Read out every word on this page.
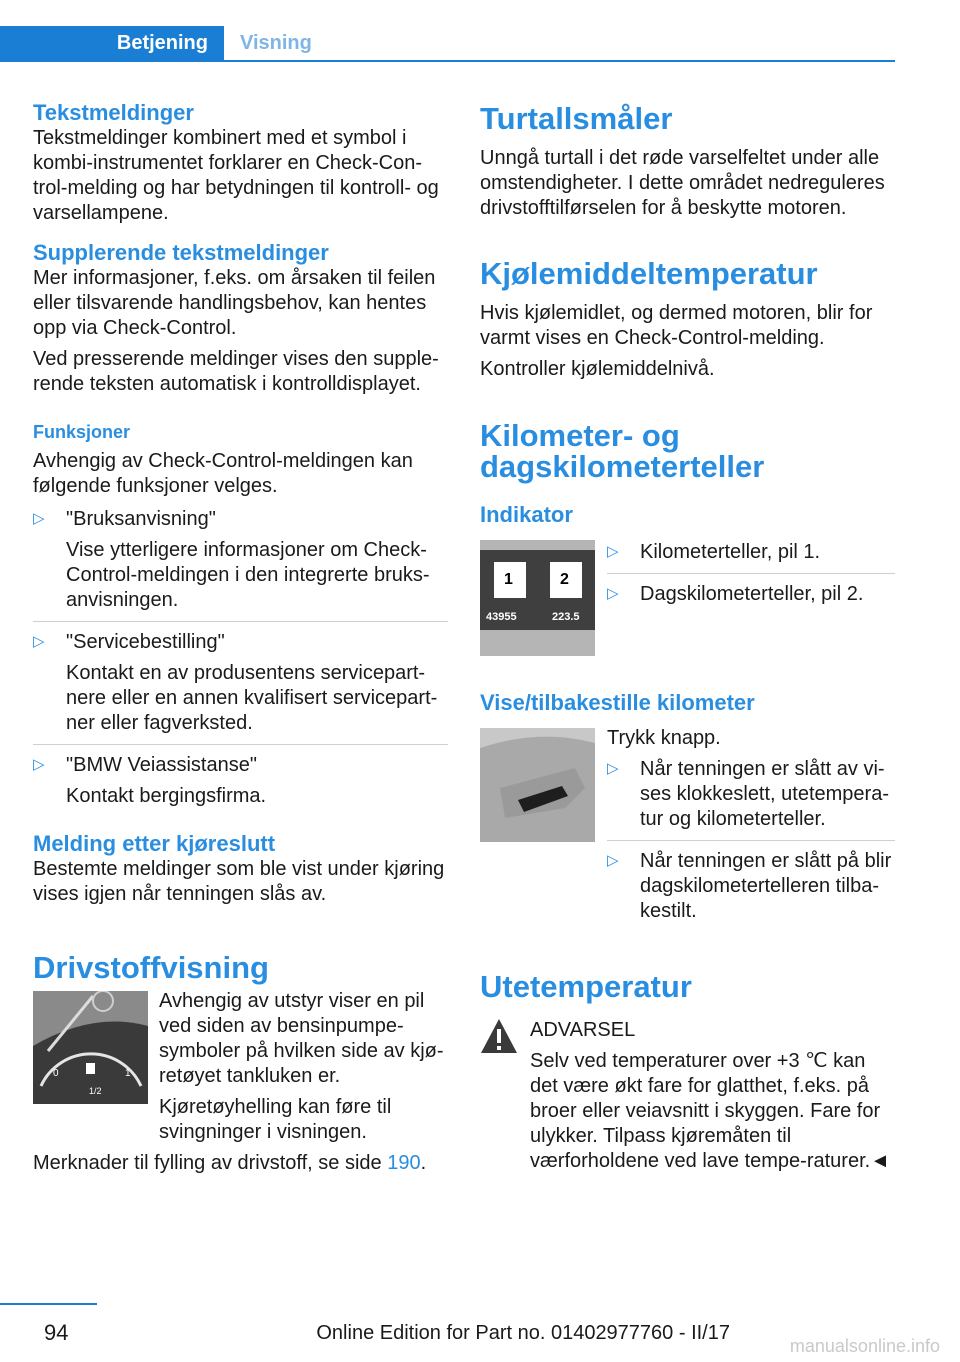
Betjening Visning
Tekstmeldinger

Tekstmeldinger kombinert med et symbol i kombi-instrumentet forklarer en Check-Con-trol-melding og har betydningen til kontroll- og varsellampene.

Supplerende tekstmeldinger

Mer informasjoner, f.eks. om årsaken til feilen eller tilsvarende handlingsbehov, kan hentes opp via Check-Control.

Ved presserende meldinger vises den supple-rende teksten automatisk i kontrolldisplayet.

Funksjoner

Avhengig av Check-Control-meldingen kan følgende funksjoner velges.

▷ "Bruksanvisning"

Vise ytterligere informasjoner om Check-Control-meldingen i den integrerte bruks-anvisningen.

▷ "Servicebestilling"

Kontakt en av produsentens servicepart-nere eller en annen kvalifisert servicepart-ner eller fagverksted.

▷ "BMW Veiassistanse"

Kontakt bergingsfirma.

Melding etter kjøreslutt

Bestemte meldinger som ble vist under kjøring vises igjen når tenningen slås av.

Drivstoffvisning
0
1/2
1

Avhengig av utstyr viser en pil ved siden av bensinpumpe-symboler på hvilken side av kjø-retøyet tankluken er.

Kjøretøyhelling kan føre til svingninger i visningen.

Merknader til fylling av drivstoff, se side 190.

Turtallsmåler

Unngå turtall i det røde varselfeltet under alle omstendigheter. I dette området nedreguleres drivstofftilførselen for å beskytte motoren.

Kjølemiddeltemperatur

Hvis kjølemidlet, og dermed motoren, blir for varmt vises en Check-Control-melding.

Kontroller kjølemiddelnivå.

Kilometer- og dagskilometerteller
Indikator
1	2
43955	223.5
▷ Kilometerteller, pil 1.

▷ Dagskilometerteller, pil 2.

Vise/tilbakestille kilometer

Trykk knapp.

▷ Når tenningen er slått av vi-ses klokkeslett, utetempera-tur og kilometerteller.

▷ Når tenningen er slått på blir dagskilometertelleren tilba-kestilt.

Utetemperatur

ADVARSEL

Selv ved temperaturer over +3 ℃ kan det være økt fare for glatthet, f.eks. på broer eller veiavsnitt i skyggen. Fare for ulykker. Tilpass kjøremåten til værforholdene ved lave tempe-raturer.◄

94	Online Edition for Part no. 01402977760 - II/17
manualsonline.info
